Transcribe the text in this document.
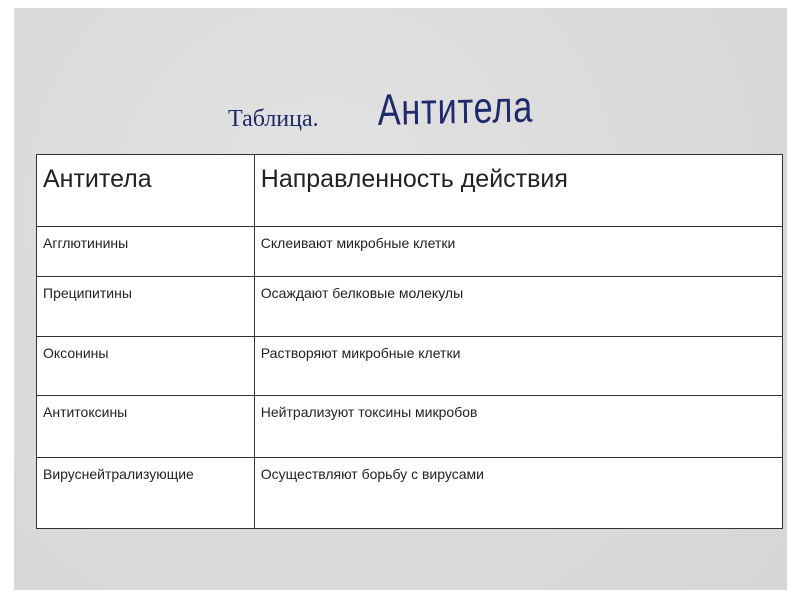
Таблица. Антитела
Антитела	Направленность действия
Агглютинины	Склеивают микробные клетки
Преципитины	Осаждают белковые молекулы
Оксонины	Растворяют микробные клетки
Антитоксины	Нейтрализуют токсины микробов
Вируснейтрализующие	Осуществляют борьбу с вирусами
